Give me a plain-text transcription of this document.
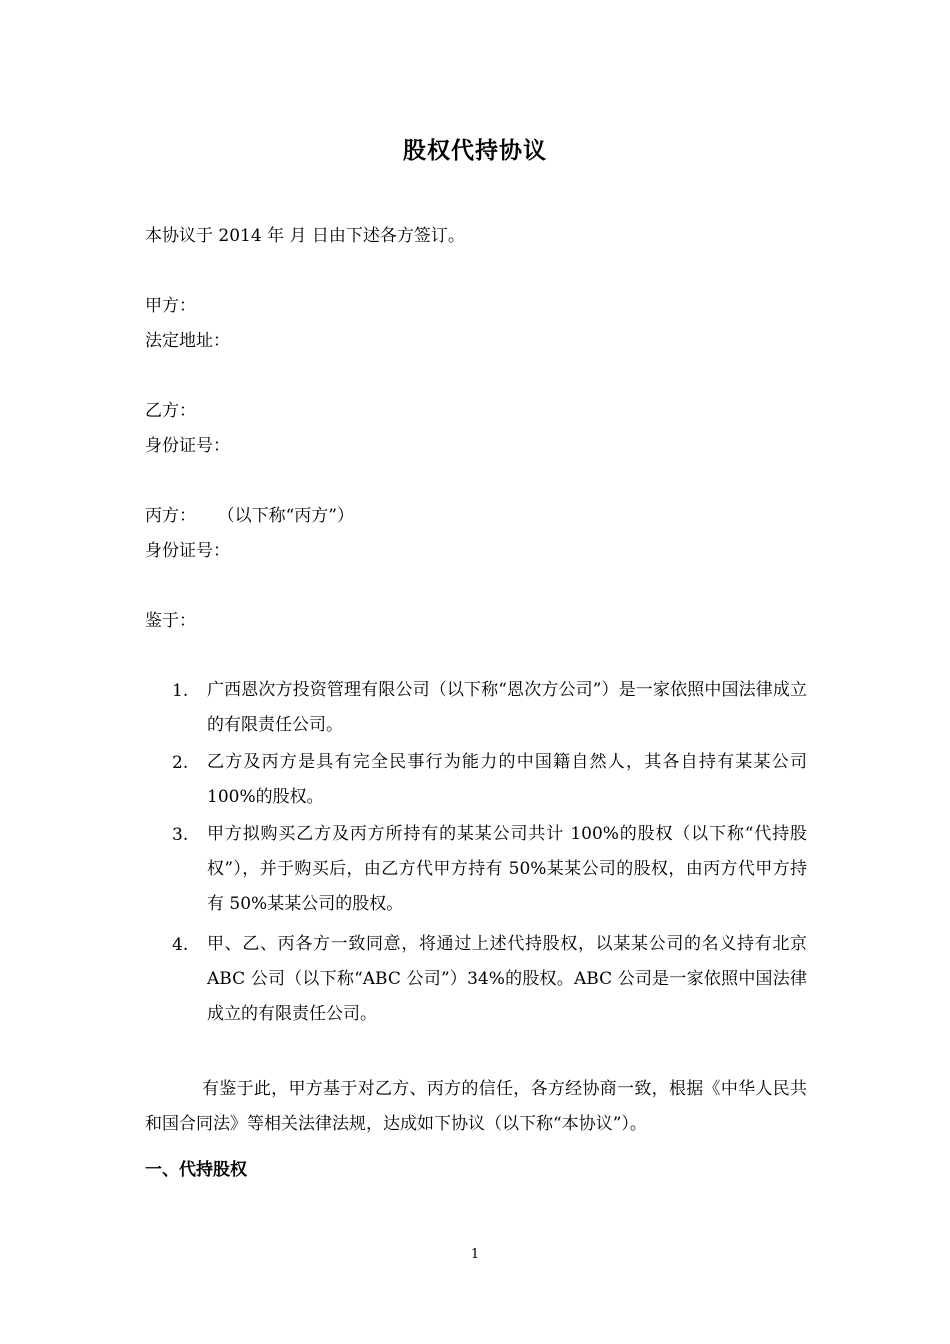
股权代持协议
本协议于 2014 年 月 日由下述各方签订。
甲方：
法定地址：
乙方：
身份证号：
丙方：    （以下称“丙方”）
身份证号：
鉴于：
1. 广西恩次方投资管理有限公司（以下称“恩次方公司”）是一家依照中国法律成立的有限责任公司。
2. 乙方及丙方是具有完全民事行为能力的中国籍自然人，其各自持有某某公司 100%的股权。
3. 甲方拟购买乙方及丙方所持有的某某公司共计 100%的股权（以下称“代持股权”），并于购买后，由乙方代甲方持有 50%某某公司的股权，由丙方代甲方持有 50%某某公司的股权。
4. 甲、乙、丙各方一致同意，将通过上述代持股权，以某某公司的名义持有北京 ABC 公司（以下称“ABC 公司”）34%的股权。ABC 公司是一家依照中国法律成立的有限责任公司。
有鉴于此，甲方基于对乙方、丙方的信任，各方经协商一致，根据《中华人民共和国合同法》等相关法律法规，达成如下协议（以下称“本协议”）。
一、代持股权
1
